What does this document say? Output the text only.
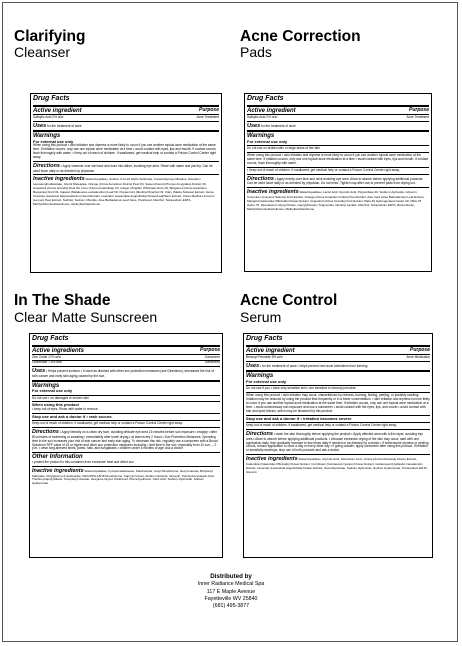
Clarifying
Cleanser
Drug Facts
Active ingredient	Purpose
Salicylic Acid 2% w/w	Acne Treatment
Uses for the treatment of acne
Warnings
For external use only
When using this product • skin irritation and dryness is more likely to occur if you use another topical acne medication at the same time. If irritation occurs, only use one topical acne medication at a time • avoid contact with eyes, lips and mouth. If contact occurs, flush thoroughly with water. • Keep out of reach of children. If swallowed, get medical help or contact a Poison Control Center right away.
Directions • Apply cleanser over wet face and work into lather, avoiding eye area. Rinse with water and pat dry. Can be used twice daily or as directed by physician.
Inactive ingredients Water/Aqua/Eau, Sodium C14-16 Olefin Sulfonate, Cocamidopropyl Betaine, Disodium Lauroamphodiacetate, Glycol Distearate, Orange (Citrus Aurantium Dulcis) Peel Oil, Sweet Almond (Prunus Amygdalus Dulcis) Oil, Grapefruit (Citrus Grandis) Peel Oil, Lime (Citrus Aurantifolia) Oil, Ginger (Zingiber Officinale) Root Oil, Bergamot (Citrus Aurantium Bergamia) Fruit Oil, Cajeput (Melaleuca Leucadendron) Leaf Oil, Peppermint (Mentha Piperita) Oil, Clary (Salvia Sclarea) Extract, Horse Chestnut (Aesculus Hippocastanum) Seed Extract, Lavender (Lavandula Angustifolia) Flower/Leaf/Stem Extract, Citrus Medica Limonum (Lemon) Peel Extract, Sorbitol, Sodium Chloride, Aloe Barbadensis Leaf Juice, Panthenol, Menthol, Tetrasodium EDTA, Methylchloroisothiazolinone, Methylisothiazolinone
Acne Correction
Pads
Drug Facts
Active ingredient	Purpose
Salicylic Acid 2% w/w	Acne Treatment
Uses for the treatment of acne
Warnings
For external use only
Do not use on broken skin or large areas of the skin
When using this product • skin irritation and dryness is more likely to occur if you use another topical acne medication at the same time. If irritation occurs, only use one topical acne medication at a time • avoid contact with eyes, lips and mouth. If contact occurs, flush thoroughly with water.
• Keep out of reach of children. If swallowed, get medical help or contact a Poison Control Center right away.
Directions • Apply evenly over face and neck avoiding eye area. Allow to absorb before applying additional products. Can be used twice daily or as directed by physician. Do not rinse. Tighten cap after use to prevent pads from drying out.
Inactive ingredients Water/Aqua/Eau, Lactic Acid, Glycolic Acid, Polysorbate 20, Sodium Hydroxide, Glycerin, Cucumber (Cucumis Sativus) Fruit Extract, Orange (Citrus Aurantium Dulcis) Peel Extract, Aloe Vera (Aloe Barbadensis) Leaf Extract, Marigold (Calendula Officinalis) Flower Extract, Grapefruit (Citrus Grandis) Fruit Extract, PEG-40 Hydrogenated Castor Oil, PEG-76 Hydro 75, Dipotassium Glycyrrhizate, Caprylyl/Capric Triglyceride, Menthyl Lactate, Menthol, Tetrasodium EDTA, Beta-Glucan, Methylchloroisothiazolinone, Methylisothiazolinone
In The Shade
Clear Matte Sunscreen
Drug Facts
Active ingredients	Purpose
Zinc Oxide 17% w/w	Sunscreen
Octinoxate 7.5% w/w	Sunscreen
Uses • Helps prevent sunburn • If used as directed with other sun protection measures (see Directions), decreases the risk of skin cancer and early skin aging caused by the sun.
Warnings
For external use only
Do not use • on damaged or broken skin
When using this product
• keep out of eyes. Rinse with water to remove.
Stop use and ask a doctor if • rash occurs
Keep out of reach of children. If swallowed, get medical help or contact a Poison Control Center right away.
Directions • Apply liberally on a clean dry face, avoiding delicate eye area 15 minutes before sun exposure • reapply • after 80 minutes of swimming or sweating • immediately after towel drying • at least every 2 hours • Sun Protection Measures. Spending time in the sun increases your risk of skin cancer and early skin aging. To decrease this risk, regularly use a sunscreen with a Broad Spectrum SPF value of 15 or higher and other sun protection measures including • limit time in the sun, especially from 10 a.m. – 2 p.m. • wear long-sleeved shirts, pants, hats, and sunglasses • children under 6 months of age: Ask a doctor
Other Information
• protect the product in this container from excessive heat and direct sun
Inactive ingredients Water/Aqua/Eau, Cyclopentasiloxane, Niacinamide, Cetyl Dimethicone, Hexyl Laurate, Butyloctyl Salicylate, Polyglyceryl-4 Isostearate, PEG/PPG-18/18 Dimethicone, Caprylyl Glycol, Sodium Chloride, Glycerin, Polyhydroxystearic Acid, Triethoxycaprylylsilane, Tocopheryl Acetate, Hexylene Glycol, Panthenol, Phenoxyethanol, Citric Acid, Sodium Hydroxide, Sodium Hyaluronate
Acne Control
Serum
Drug Facts
Active ingredient	Purpose
Benzoyl Peroxide 5% w/w	Acne Medication
Uses • for the treatment of acne • helps prevent new acne blemishes from forming
Warnings
For external use only
Do not use if you • have very sensitive skin • are sensitive to benzoyl peroxide
When using this product • skin irritation may occur, characterized by redness, burning, itching, peeling, or possibly swelling. Irritation may be reduced by using the product less frequently or in a lower concentration. • skin irritation and dryness is more likely to occur if you use another topical acne medication at the same time. If irritation occurs, only use one topical acne medication at a time. • avoid unnecessary sun exposure and use a sunscreen • avoid contact with the eyes, lips, and mouth • avoid contact with hair and dyed fabrics, which may be bleached by this product
Stop use and ask a doctor if • irritation becomes severe
Keep out of reach of children. If swallowed, get medical help or contact a Poison Control Center right away.
Directions • wash the skin thoroughly before applying the product • Apply affected area with a thin layer, avoiding eye area • Allow to absorb before applying additional products. • because excessive drying of the skin may occur, start with one application daily, then gradually increase to two times daily if needed or as directed by a doctor • if bothersome dryness or peeling occurs, reduce application to once a day or every other day • if going outside, apply sunscreen after using this product. If irritation or sensitivity develops, stop use of both products and ask a doctor
Inactive ingredients Water/Aqua/Eau, Glycolic Acid, Sclerotium Gum, Arnica (Arnica Montana) Flower Extract, Calendula (Calendula Officinalis) Flower Extract, Cornflower (Centaurea Cyanus) Flower Extract, Goldenseal (Hydrastis Canadensis) Extract, Lavender (Lavandula Angustifolia) Flower Extract, Glucoheptonate, Sodium Hydroxide, Sodium Hyaluronate, Tetrasodium EDTA, Glycerin
Distributed by
Inner Radiance Medical Spa
117 E Maple Avenue
Fayetteville WV 25840
(681) 495-3877
